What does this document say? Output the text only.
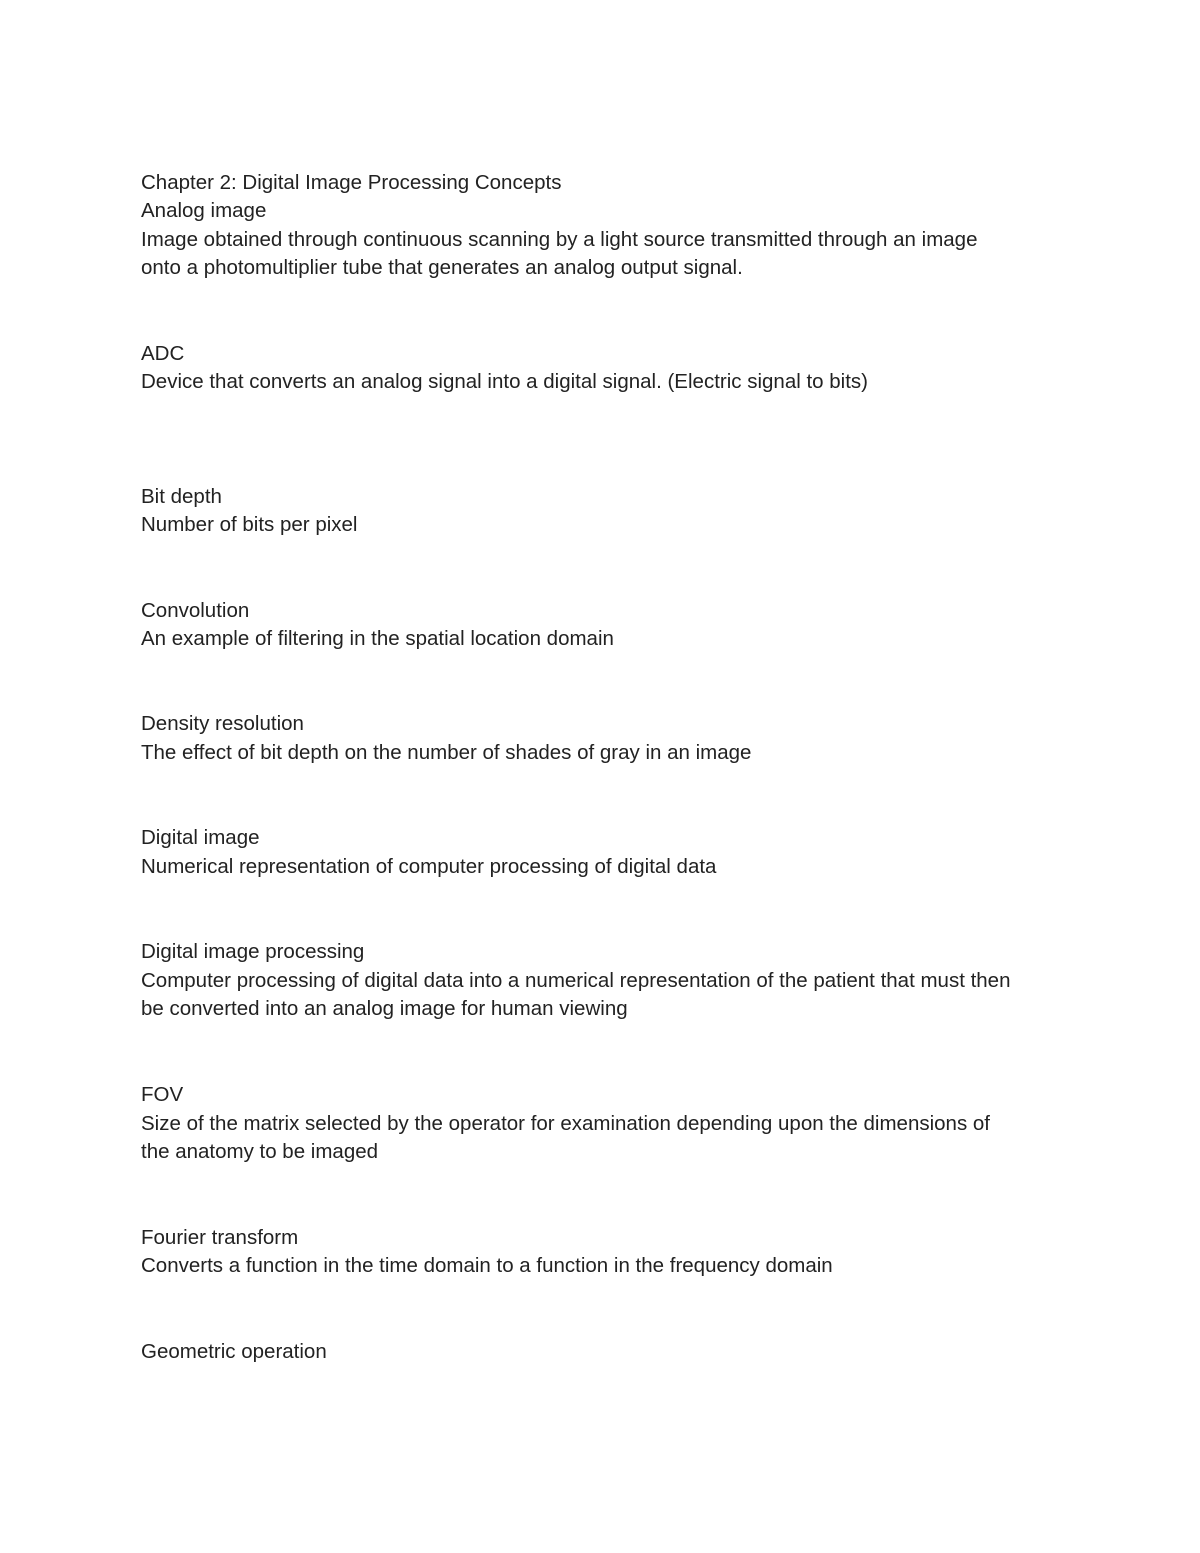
Chapter 2: Digital Image Processing Concepts
Analog image
Image obtained through continuous scanning by a light source transmitted through an image
onto a photomultiplier tube that generates an analog output signal.
ADC
Device that converts an analog signal into a digital signal. (Electric signal to bits)
Bit depth
Number of bits per pixel
Convolution
An example of filtering in the spatial location domain
Density resolution
The effect of bit depth on the number of shades of gray in an image
Digital image
Numerical representation of computer processing of digital data
Digital image processing
Computer processing of digital data into a numerical representation of the patient that must then
be converted into an analog image for human viewing
FOV
Size of the matrix selected by the operator for examination depending upon the dimensions of
the anatomy to be imaged
Fourier transform
Converts a function in the time domain to a function in the frequency domain
Geometric operation
